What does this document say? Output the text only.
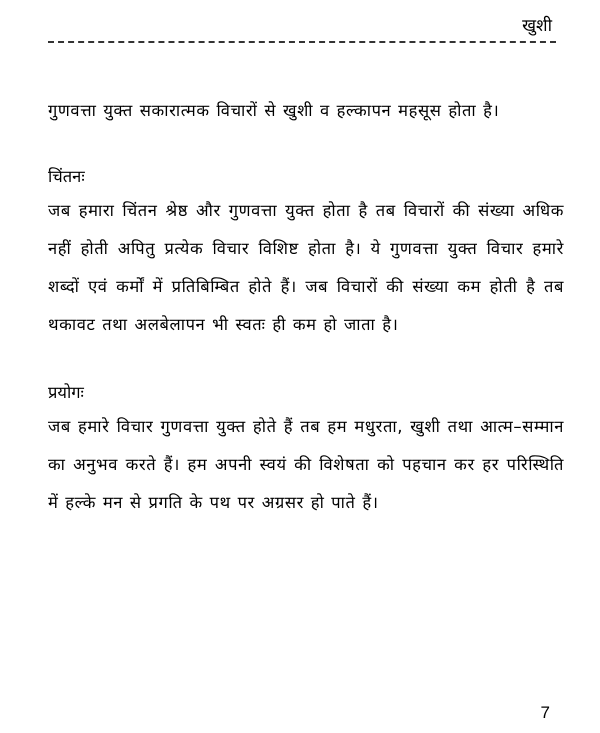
खुशी

गुणवत्ता युक्त सकारात्मक विचारों से खुशी व हल्कापन महसूस होता है।

चिंतनः

जब हमारा चिंतन श्रेष्ठ और गुणवत्ता युक्त होता है तब विचारों की संख्या अधिक नहीं होती अपितु प्रत्येक विचार विशिष्ट होता है। ये गुणवत्ता युक्त विचार हमारे शब्दों एवं कर्मों में प्रतिबिम्बित होते हैं। जब विचारों की संख्या कम होती है तब थकावट तथा अलबेलापन भी स्वतः ही कम हो जाता है।

प्रयोगः

जब हमारे विचार गुणवत्ता युक्त होते हैं तब हम मधुरता, खुशी तथा आत्म–सम्मान का अनुभव करते हैं। हम अपनी स्वयं की विशेषता को पहचान कर हर परिस्थिति में हल्के मन से प्रगति के पथ पर अग्रसर हो पाते हैं।

7
